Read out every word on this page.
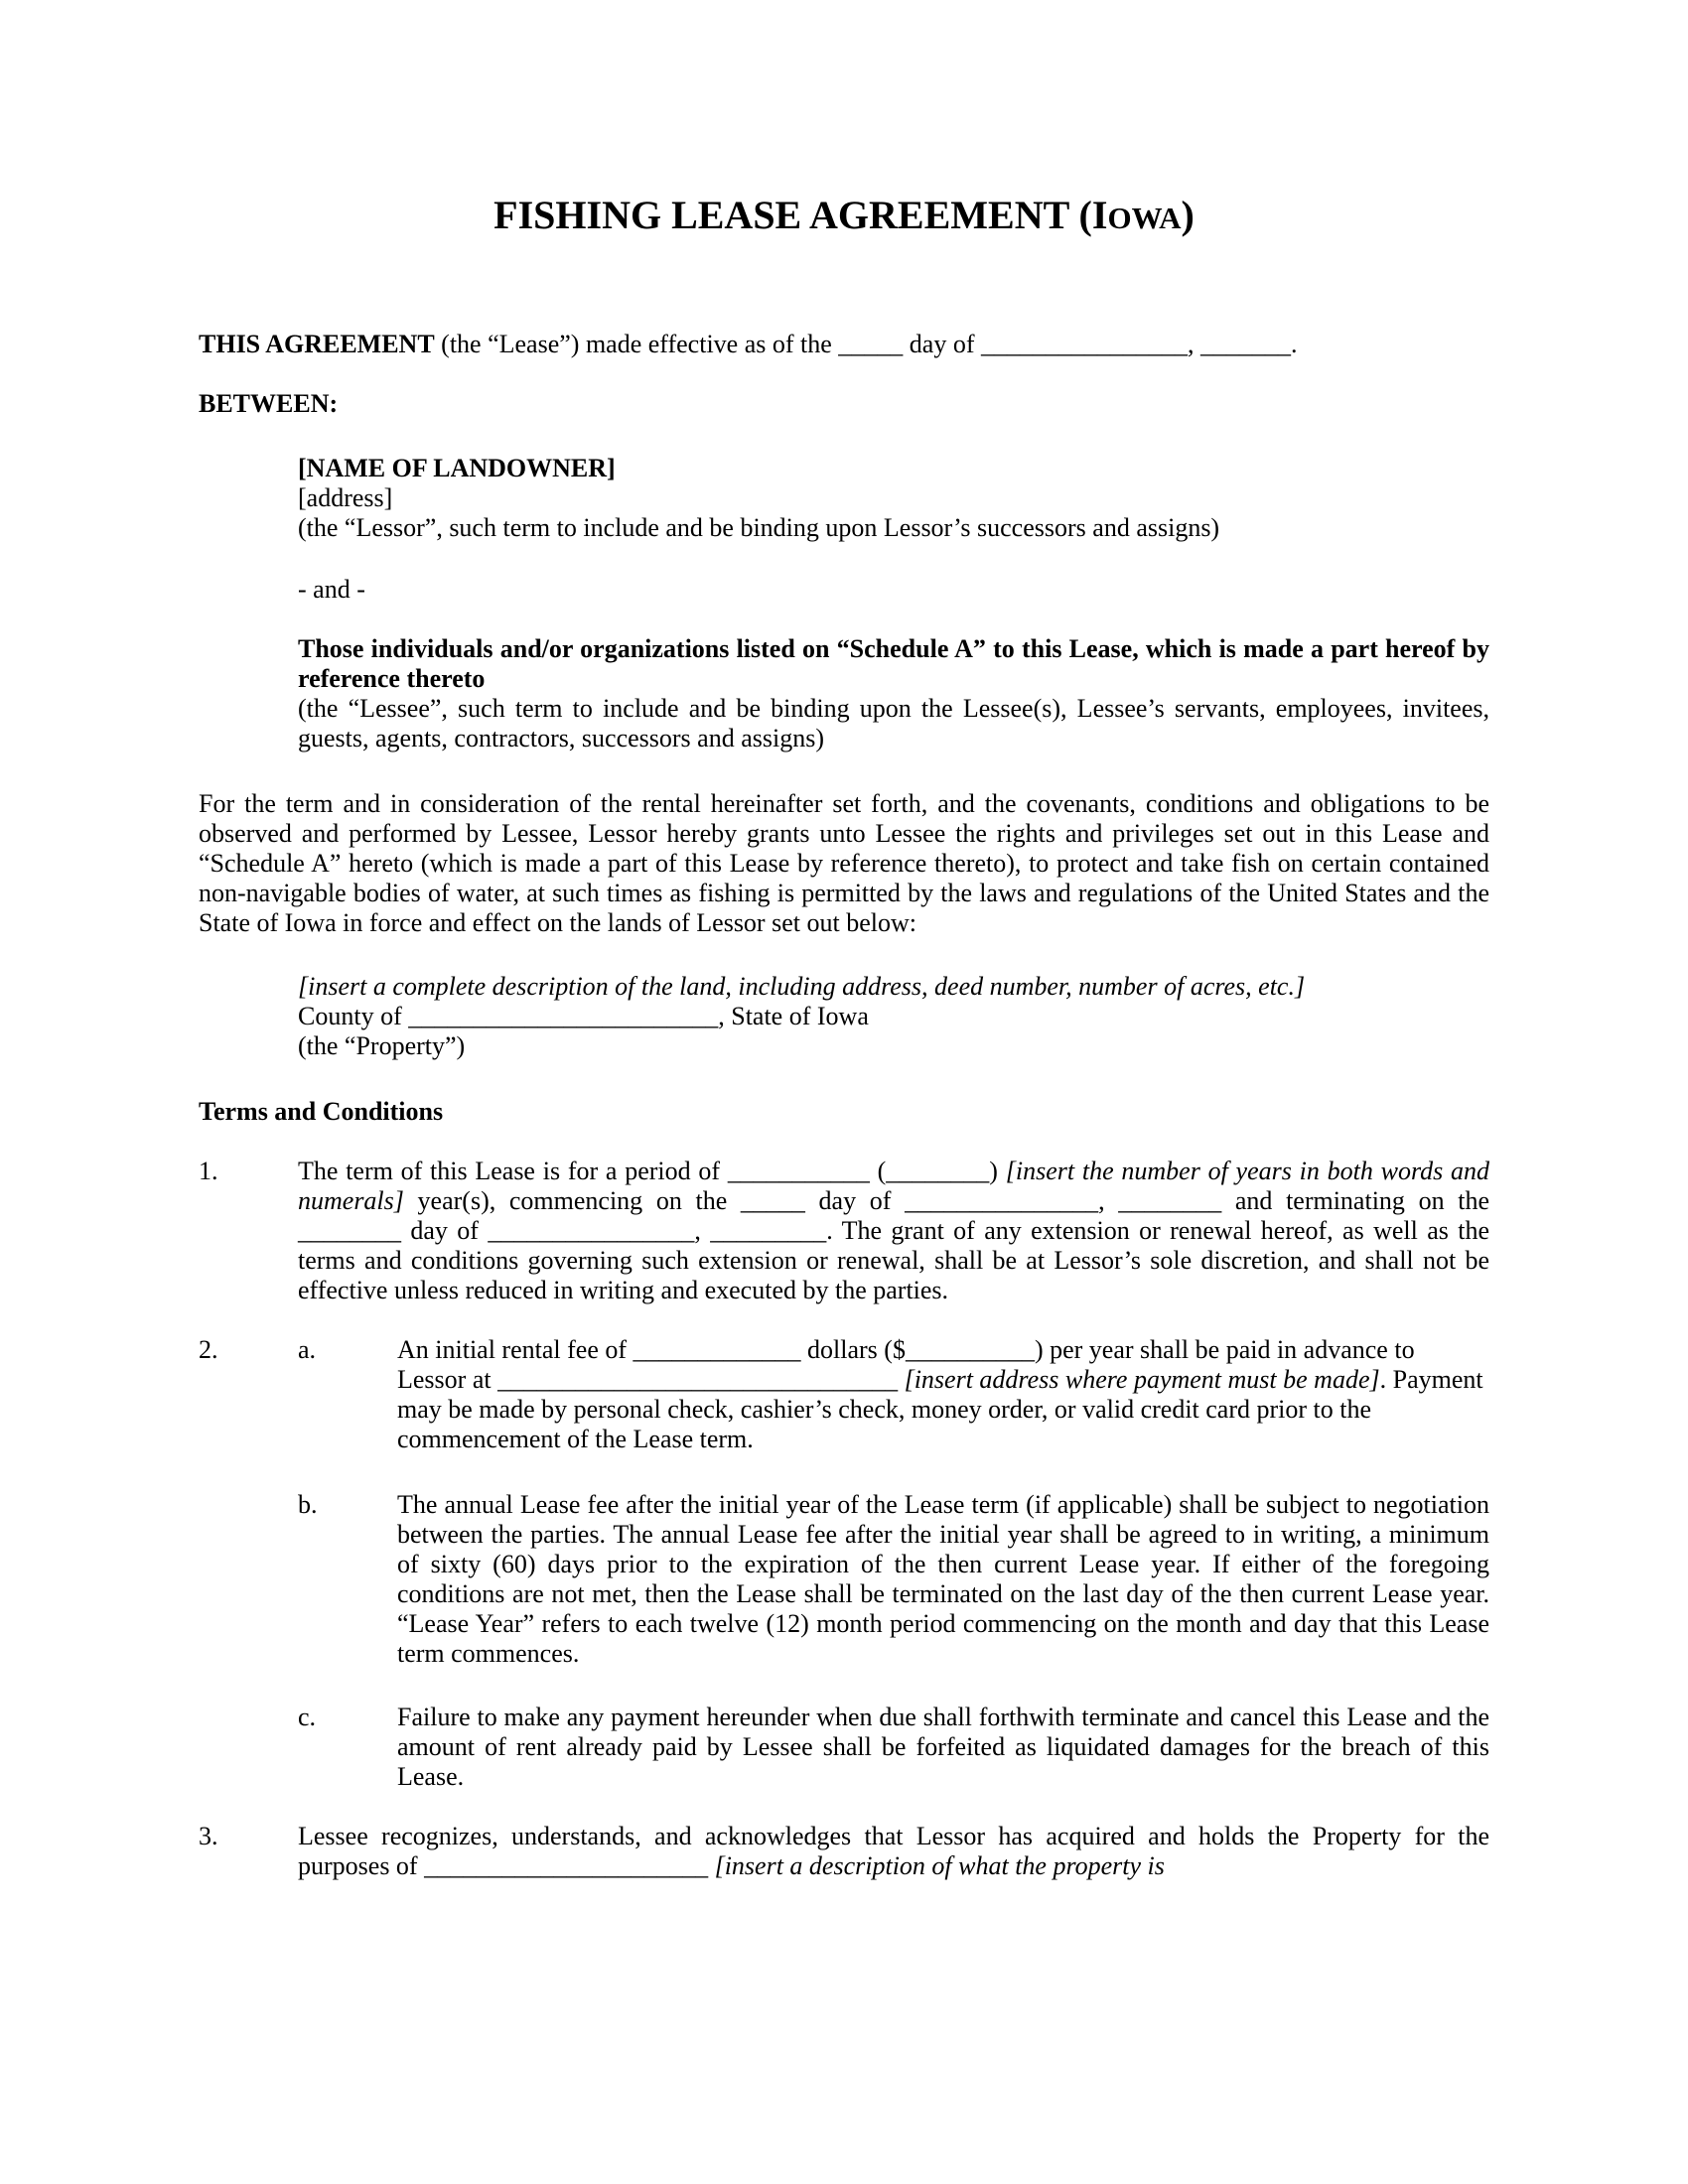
FISHING LEASE AGREEMENT (IOWA)

THIS AGREEMENT (the “Lease”) made effective as of the _____ day of ________________, _______.

BETWEEN:

[NAME OF LANDOWNER]

[address]

(the “Lessor”, such term to include and be binding upon Lessor’s successors and assigns)

- and -

Those individuals and/or organizations listed on “Schedule A” to this Lease, which is made a part hereof by reference thereto

(the “Lessee”, such term to include and be binding upon the Lessee(s), Lessee’s servants, employees, invitees, guests, agents, contractors, successors and assigns)

For the term and in consideration of the rental hereinafter set forth, and the covenants, conditions and obligations to be observed and performed by Lessee, Lessor hereby grants unto Lessee the rights and privileges set out in this Lease and “Schedule A” hereto (which is made a part of this Lease by reference thereto), to protect and take fish on certain contained non-navigable bodies of water, at such times as fishing is permitted by the laws and regulations of the United States and the State of Iowa in force and effect on the lands of Lessor set out below:

[insert a complete description of the land, including address, deed number, number of acres, etc.]

County of ________________________, State of Iowa

(the “Property”)

Terms and Conditions

1.	The term of this Lease is for a period of ___________ (________) [insert the number of years in both words and numerals] year(s), commencing on the _____ day of _______________, ________ and terminating on the ________ day of ________________, _________. The grant of any extension or renewal hereof, as well as the terms and conditions governing such extension or renewal, shall be at Lessor’s sole discretion, and shall not be effective unless reduced in writing and executed by the parties.

2.	a.	An initial rental fee of _____________ dollars ($__________) per year shall be paid in advance to Lessor at _______________________________ [insert address where payment must be made]. Payment may be made by personal check, cashier’s check, money order, or valid credit card prior to the commencement of the Lease term.

b.	The annual Lease fee after the initial year of the Lease term (if applicable) shall be subject to negotiation between the parties. The annual Lease fee after the initial year shall be agreed to in writing, a minimum of sixty (60) days prior to the expiration of the then current Lease year. If either of the foregoing conditions are not met, then the Lease shall be terminated on the last day of the then current Lease year. “Lease Year” refers to each twelve (12) month period commencing on the month and day that this Lease term commences.

c.	Failure to make any payment hereunder when due shall forthwith terminate and cancel this Lease and the amount of rent already paid by Lessee shall be forfeited as liquidated damages for the breach of this Lease.

3.	Lessee recognizes, understands, and acknowledges that Lessor has acquired and holds the Property for the purposes of ______________________ [insert a description of what the property is
